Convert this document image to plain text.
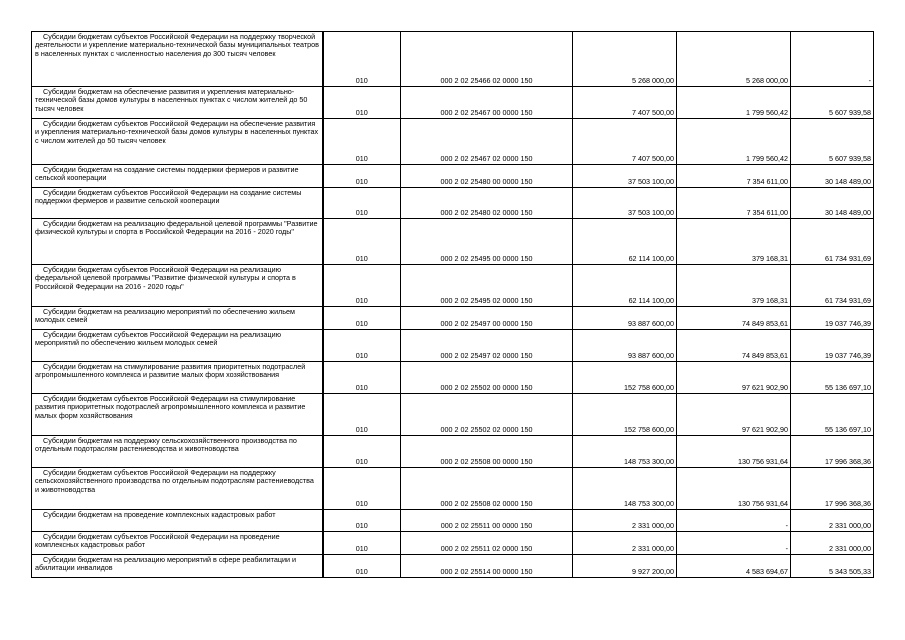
Субсидии бюджетам субъектов Российской Федерации на поддержку творческой деятельности и укрепление материально-технической базы муниципальных театров в населенных пунктах с численностью населения до 300 тысяч человек	010	000 2 02 25466 02 0000 150	5 268 000,00	5 268 000,00	-

Субсидии бюджетам на обеспечение развития и укрепления материально-технической базы домов культуры в населенных пунктах с числом жителей до 50 тысяч человек	010	000 2 02 25467 00 0000 150	7 407 500,00	1 799 560,42	5 607 939,58

Субсидии бюджетам субъектов Российской Федерации на обеспечение развития и укрепления материально-технической базы домов культуры в населенных пунктах с числом жителей до 50 тысяч человек	010	000 2 02 25467 02 0000 150	7 407 500,00	1 799 560,42	5 607 939,58

Субсидии бюджетам на создание системы поддержки фермеров и развитие сельской кооперации	010	000 2 02 25480 00 0000 150	37 503 100,00	7 354 611,00	30 148 489,00

Субсидии бюджетам субъектов Российской Федерации на создание системы поддержки фермеров и развитие сельской кооперации	010	000 2 02 25480 02 0000 150	37 503 100,00	7 354 611,00	30 148 489,00

Субсидии бюджетам на реализацию федеральной целевой программы "Развитие физической культуры и спорта в Российской Федерации на 2016 - 2020 годы"	010	000 2 02 25495 00 0000 150	62 114 100,00	379 168,31	61 734 931,69

Субсидии бюджетам субъектов Российской Федерации на реализацию федеральной целевой программы "Развитие физической культуры и спорта в Российской Федерации на 2016 - 2020 годы"	010	000 2 02 25495 02 0000 150	62 114 100,00	379 168,31	61 734 931,69

Субсидии бюджетам на реализацию мероприятий по обеспечению жильем молодых семей	010	000 2 02 25497 00 0000 150	93 887 600,00	74 849 853,61	19 037 746,39

Субсидии бюджетам субъектов Российской Федерации на реализацию мероприятий по обеспечению жильем молодых семей	010	000 2 02 25497 02 0000 150	93 887 600,00	74 849 853,61	19 037 746,39

Субсидии бюджетам на стимулирование развития приоритетных подотраслей агропромышленного комплекса и развитие малых форм хозяйствования	010	000 2 02 25502 00 0000 150	152 758 600,00	97 621 902,90	55 136 697,10

Субсидии бюджетам субъектов Российской Федерации на стимулирование развития приоритетных подотраслей агропромышленного комплекса и развитие малых форм хозяйствования	010	000 2 02 25502 02 0000 150	152 758 600,00	97 621 902,90	55 136 697,10

Субсидии бюджетам на поддержку сельскохозяйственного производства по отдельным подотраслям растениеводства и животноводства	010	000 2 02 25508 00 0000 150	148 753 300,00	130 756 931,64	17 996 368,36

Субсидии бюджетам субъектов Российской Федерации на поддержку сельскохозяйственного производства по отдельным подотраслям растениеводства и животноводства	010	000 2 02 25508 02 0000 150	148 753 300,00	130 756 931,64	17 996 368,36

Субсидии бюджетам на проведение комплексных кадастровых работ	010	000 2 02 25511 00 0000 150	2 331 000,00	-	2 331 000,00

Субсидии бюджетам субъектов Российской Федерации на проведение комплексных кадастровых работ	010	000 2 02 25511 02 0000 150	2 331 000,00	-	2 331 000,00

Субсидии бюджетам на реализацию мероприятий в сфере реабилитации и абилитации инвалидов	010	000 2 02 25514 00 0000 150	9 927 200,00	4 583 694,67	5 343 505,33
